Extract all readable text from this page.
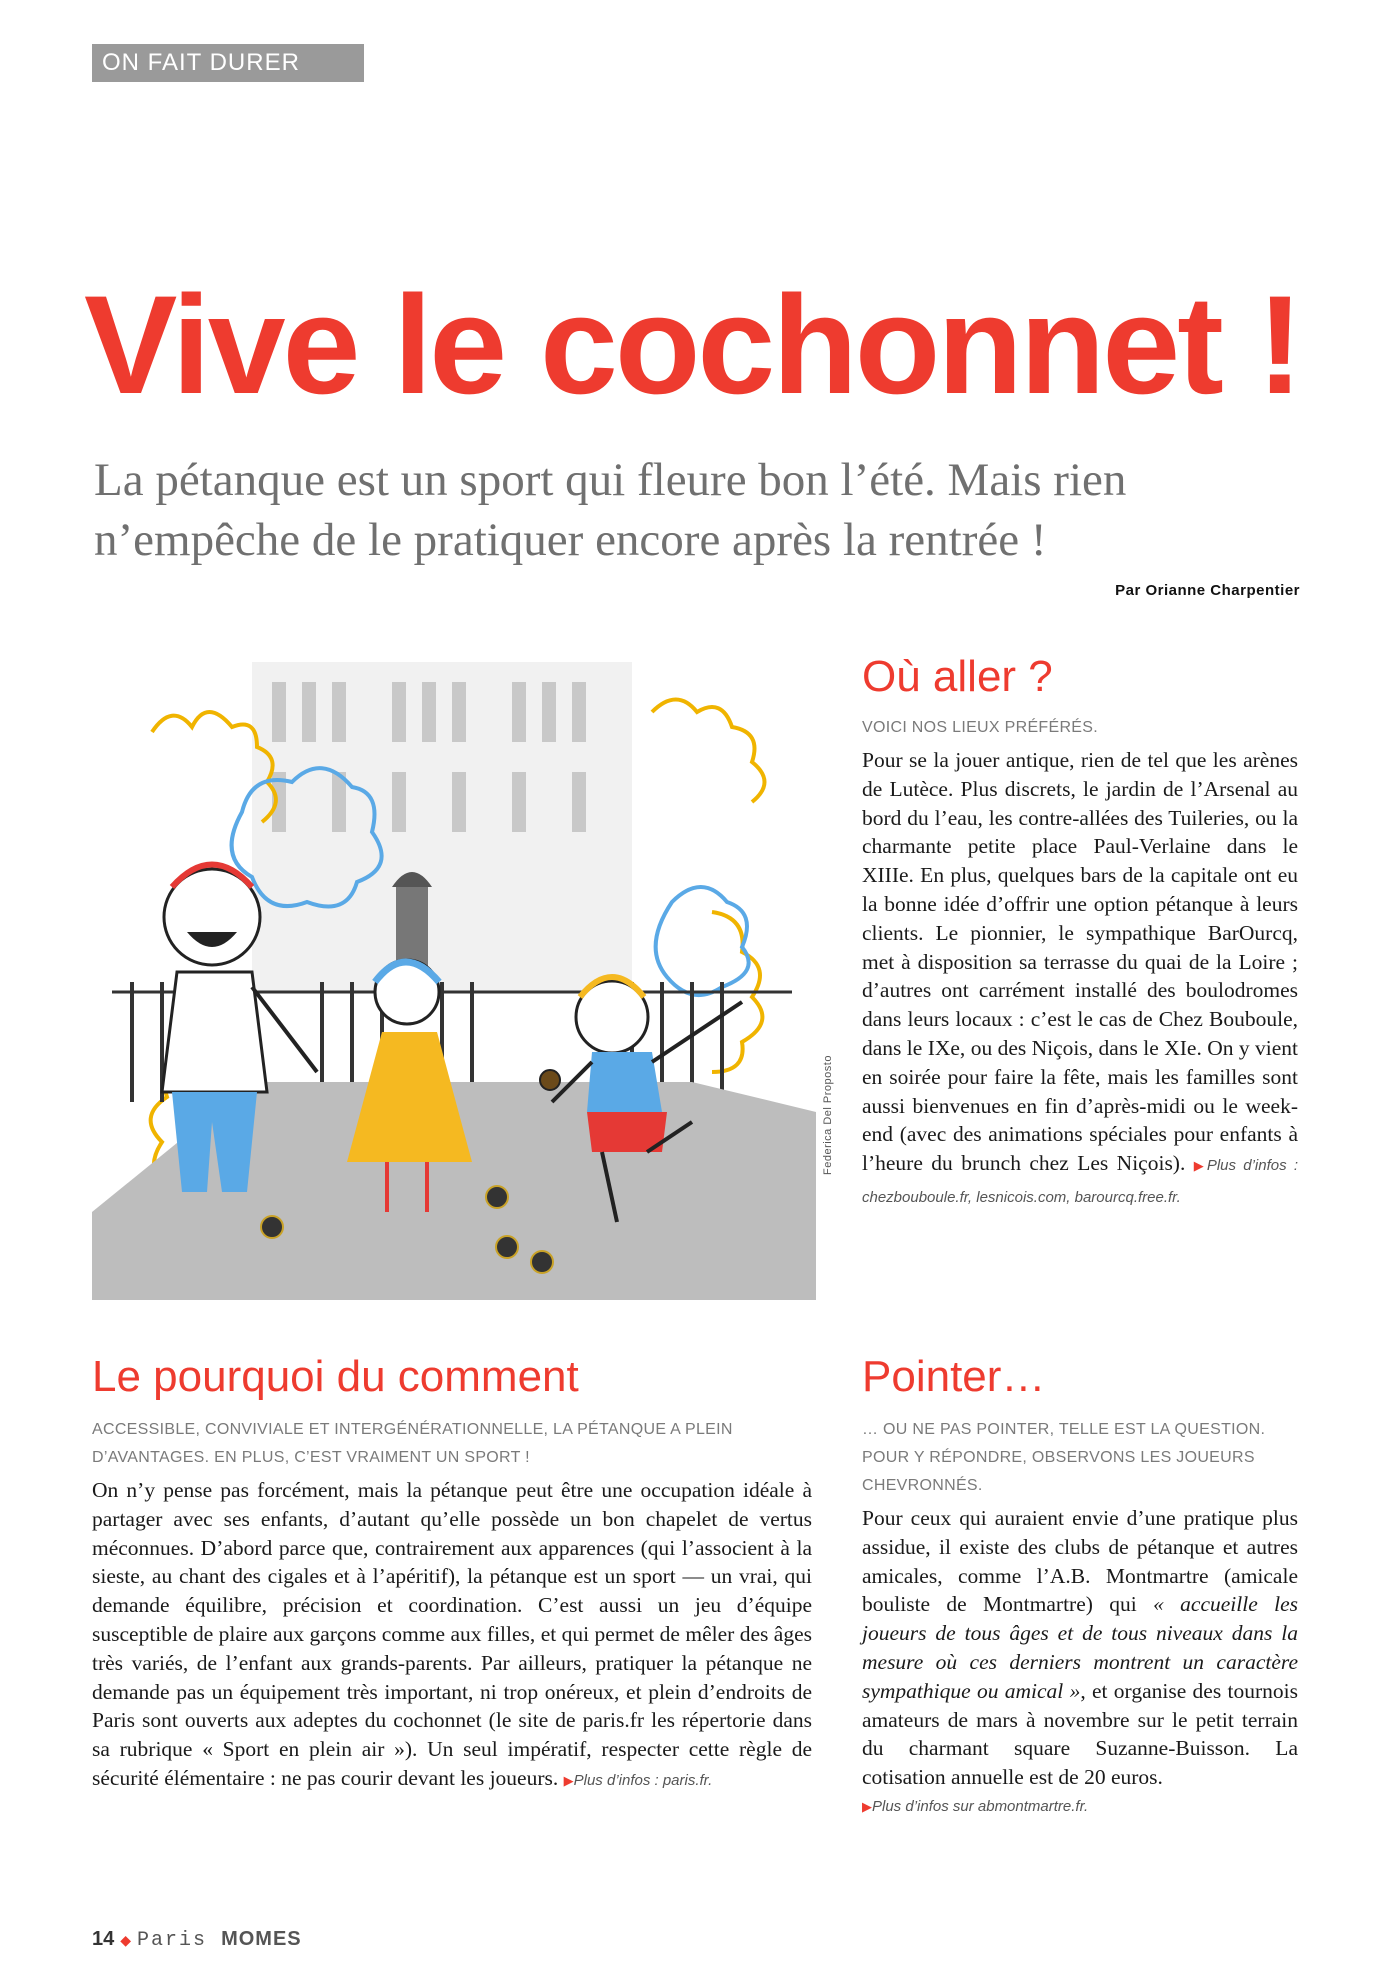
ON FAIT DURER L’ÉTÉ
Vive le cochonnet !
La pétanque est un sport qui fleure bon l’été. Mais rien
n’empêche de le pratiquer encore après la rentrée !
Par Orianne Charpentier
Federica Del Proposto
Où aller ?
VOICI NOS LIEUX PRÉFÉRÉS.
Pour se la jouer antique, rien de tel que les arènes de Lutèce. Plus discrets, le jardin de l’Arsenal au bord du l’eau, les contre-allées des Tuileries, ou la charmante petite place Paul-Verlaine dans le XIIIe. En plus, quelques bars de la capitale ont eu la bonne idée d’offrir une option pétanque à leurs clients. Le pionnier, le sympathique BarOurcq, met à disposition sa terrasse du quai de la Loire ; d’autres ont carrément installé des boulodromes dans leurs locaux : c’est le cas de Chez Bouboule, dans le IXe, ou des Niçois, dans le XIe. On y vient en soirée pour faire la fête, mais les familles sont aussi bienvenues en fin d’après-midi ou le week-end (avec des animations spéciales pour enfants à l’heure du brunch chez Les Niçois). ▶Plus d’infos : chezbouboule.fr, lesnicois.com, barourcq.free.fr.
Le pourquoi du comment
ACCESSIBLE, CONVIVIALE ET INTERGÉNÉRATIONNELLE, LA PÉTANQUE A PLEIN D’AVANTAGES. EN PLUS, C’EST VRAIMENT UN SPORT !
On n’y pense pas forcément, mais la pétanque peut être une occupation idéale à partager avec ses enfants, d’autant qu’elle possède un bon chapelet de vertus méconnues. D’abord parce que, contrairement aux apparences (qui l’associent à la sieste, au chant des cigales et à l’apéritif), la pétanque est un sport — un vrai, qui demande équilibre, précision et coordination. C’est aussi un jeu d’équipe susceptible de plaire aux garçons comme aux filles, et qui permet de mêler des âges très variés, de l’enfant aux grands-parents. Par ailleurs, pratiquer la pétanque ne demande pas un équipement très important, ni trop onéreux, et plein d’endroits de Paris sont ouverts aux adeptes du cochonnet (le site de paris.fr les répertorie dans sa rubrique « Sport en plein air »). Un seul impératif, respecter cette règle de sécurité élémentaire : ne pas courir devant les joueurs. ▶Plus d’infos : paris.fr.
Pointer…
… OU NE PAS POINTER, TELLE EST LA QUESTION. POUR Y RÉPONDRE, OBSERVONS LES JOUEURS CHEVRONNÉS.
Pour ceux qui auraient envie d’une pratique plus assidue, il existe des clubs de pétanque et autres amicales, comme l’A.B. Montmartre (amicale bouliste de Montmartre) qui « accueille les joueurs de tous âges et de tous niveaux dans la mesure où ces derniers montrent un caractère sympathique ou amical », et organise des tournois amateurs de mars à novembre sur le petit terrain du charmant square Suzanne-Buisson. La cotisation annuelle est de 20 euros.
▶Plus d’infos sur abmontmartre.fr.
14 ◆ Paris MOMES
